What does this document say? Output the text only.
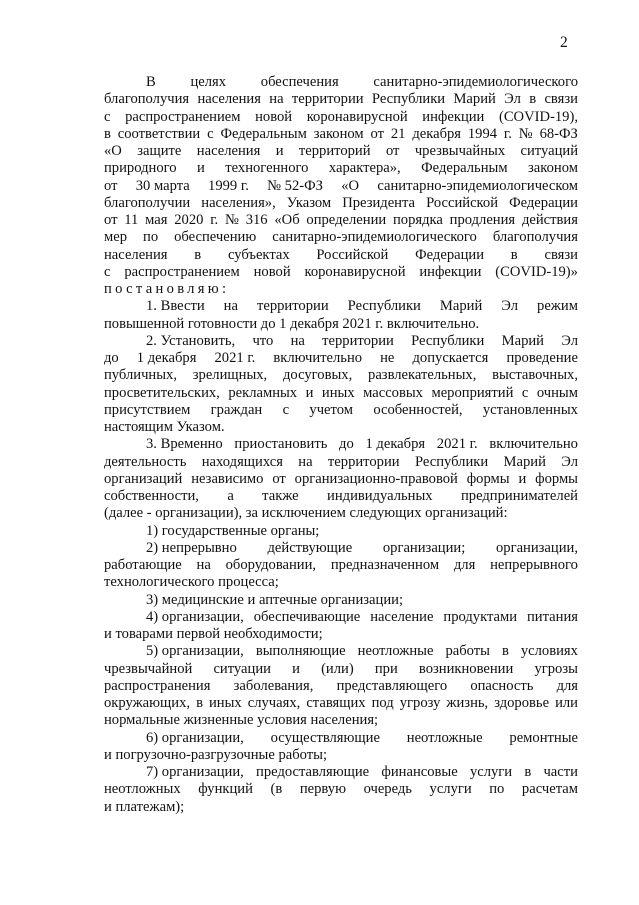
2
В целях обеспечения санитарно-эпидемиологического
благополучия населения на территории Республики Марий Эл в связи
с распространением новой коронавирусной инфекции (COVID-19),
в соответствии с Федеральным законом от 21 декабря 1994 г. № 68-ФЗ
«О защите населения и территорий от чрезвычайных ситуаций
природного и техногенного характера», Федеральным законом
от 30 марта 1999 г. № 52-ФЗ «О санитарно-эпидемиологическом
благополучии населения», Указом Президента Российской Федерации
от 11 мая 2020 г. № 316 «Об определении порядка продления действия
мер по обеспечению санитарно-эпидемиологического благополучия
населения в субъектах Российской Федерации в связи
с распространением новой коронавирусной инфекции (COVID-19)»
постановляю:
1. Ввести на территории Республики Марий Эл режим
повышенной готовности до 1 декабря 2021 г. включительно.
2. Установить, что на территории Республики Марий Эл
до 1 декабря 2021 г. включительно не допускается проведение
публичных, зрелищных, досуговых, развлекательных, выставочных,
просветительских, рекламных и иных массовых мероприятий с очным
присутствием граждан с учетом особенностей, установленных
настоящим Указом.
3. Временно приостановить до 1 декабря 2021 г. включительно
деятельность находящихся на территории Республики Марий Эл
организаций независимо от организационно-правовой формы и формы
собственности, а также индивидуальных предпринимателей
(далее - организации), за исключением следующих организаций:
1) государственные органы;
2) непрерывно действующие организации; организации,
работающие на оборудовании, предназначенном для непрерывного
технологического процесса;
3) медицинские и аптечные организации;
4) организации, обеспечивающие население продуктами питания
и товарами первой необходимости;
5) организации, выполняющие неотложные работы в условиях
чрезвычайной ситуации и (или) при возникновении угрозы
распространения заболевания, представляющего опасность для
окружающих, в иных случаях, ставящих под угрозу жизнь, здоровье или
нормальные жизненные условия населения;
6) организации, осуществляющие неотложные ремонтные
и погрузочно-разгрузочные работы;
7) организации, предоставляющие финансовые услуги в части
неотложных функций (в первую очередь услуги по расчетам
и платежам);
